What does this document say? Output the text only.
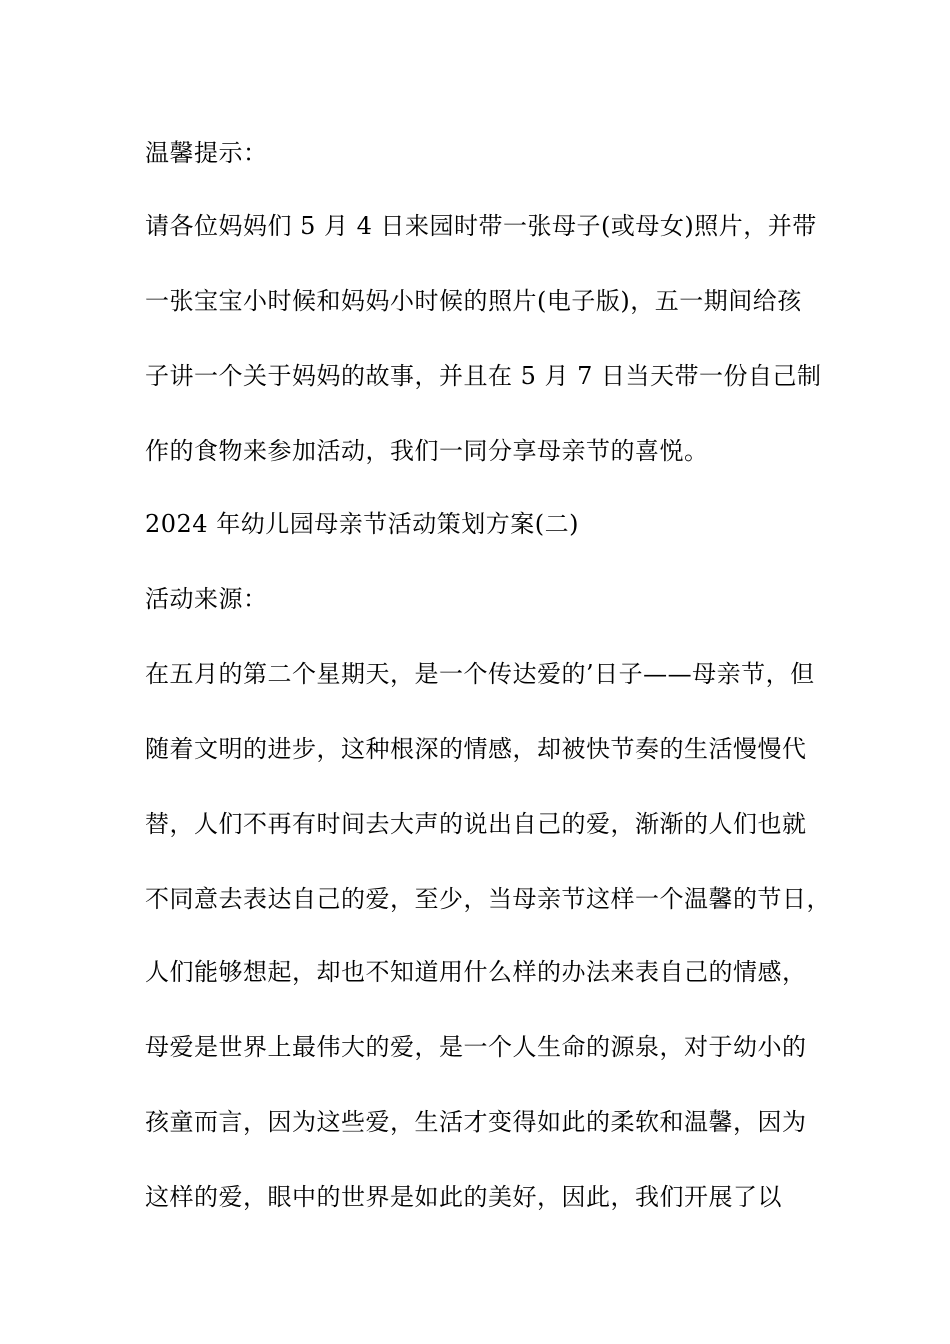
温馨提示：
请各位妈妈们 5 月 4 日来园时带一张母子(或母女)照片，并带
一张宝宝小时候和妈妈小时候的照片(电子版)，五一期间给孩
子讲一个关于妈妈的故事，并且在 5 月 7 日当天带一份自己制
作的食物来参加活动，我们一同分享母亲节的喜悦。
2024 年幼儿园母亲节活动策划方案(二)
活动来源：
在五月的第二个星期天，是一个传达爱的’日子——母亲节，但
随着文明的进步，这种根深的情感，却被快节奏的生活慢慢代
替，人们不再有时间去大声的说出自己的爱，渐渐的人们也就
不同意去表达自己的爱，至少，当母亲节这样一个温馨的节日，
人们能够想起，却也不知道用什么样的办法来表自己的情感，
母爱是世界上最伟大的爱，是一个人生命的源泉，对于幼小的
孩童而言，因为这些爱，生活才变得如此的柔软和温馨，因为
这样的爱，眼中的世界是如此的美好，因此，我们开展了以
